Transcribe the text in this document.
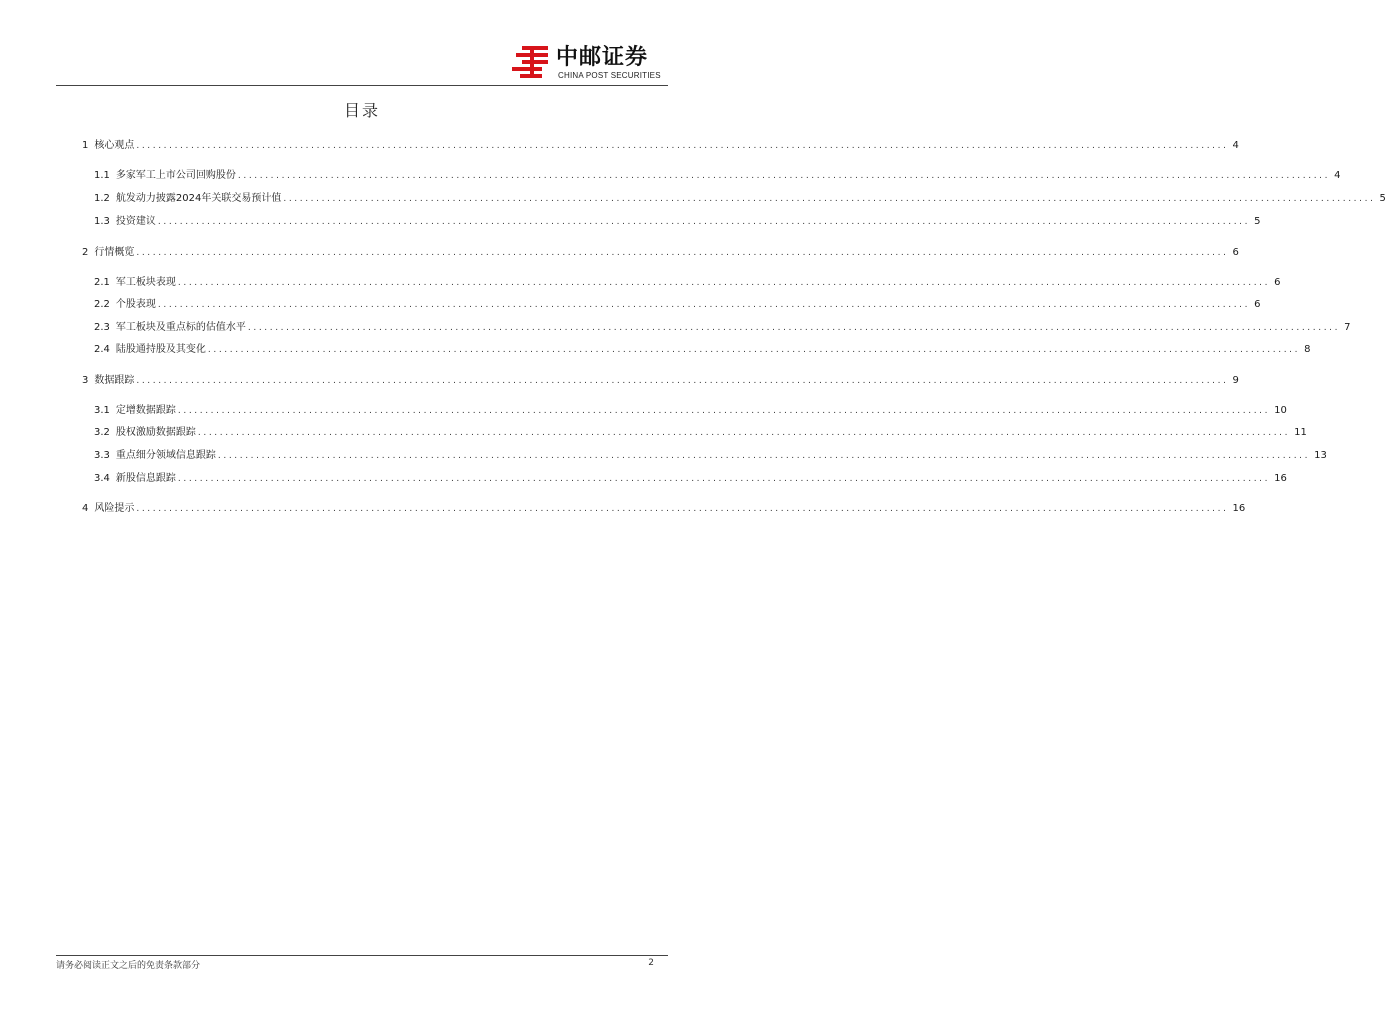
中邮证券
CHINA POST SECURITIES
目录
1 核心观点 ........................................................................................................................................................................................................ 4
1.1 多家军工上市公司回购股份 ........................................................................................................................................................................................................ 4
1.2 航发动力披露2024年关联交易预计值 ........................................................................................................................................................................................................ 5
1.3 投资建议 ........................................................................................................................................................................................................ 5
2 行情概览 ........................................................................................................................................................................................................ 6
2.1 军工板块表现 ........................................................................................................................................................................................................ 6
2.2 个股表现 ........................................................................................................................................................................................................ 6
2.3 军工板块及重点标的估值水平 ........................................................................................................................................................................................................ 7
2.4 陆股通持股及其变化 ........................................................................................................................................................................................................ 8
3 数据跟踪 ........................................................................................................................................................................................................ 9
3.1 定增数据跟踪 ........................................................................................................................................................................................................ 10
3.2 股权激励数据跟踪 ........................................................................................................................................................................................................ 11
3.3 重点细分领域信息跟踪 ........................................................................................................................................................................................................ 13
3.4 新股信息跟踪 ........................................................................................................................................................................................................ 16
4 风险提示 ........................................................................................................................................................................................................ 16
请务必阅读正文之后的免责条款部分	2
